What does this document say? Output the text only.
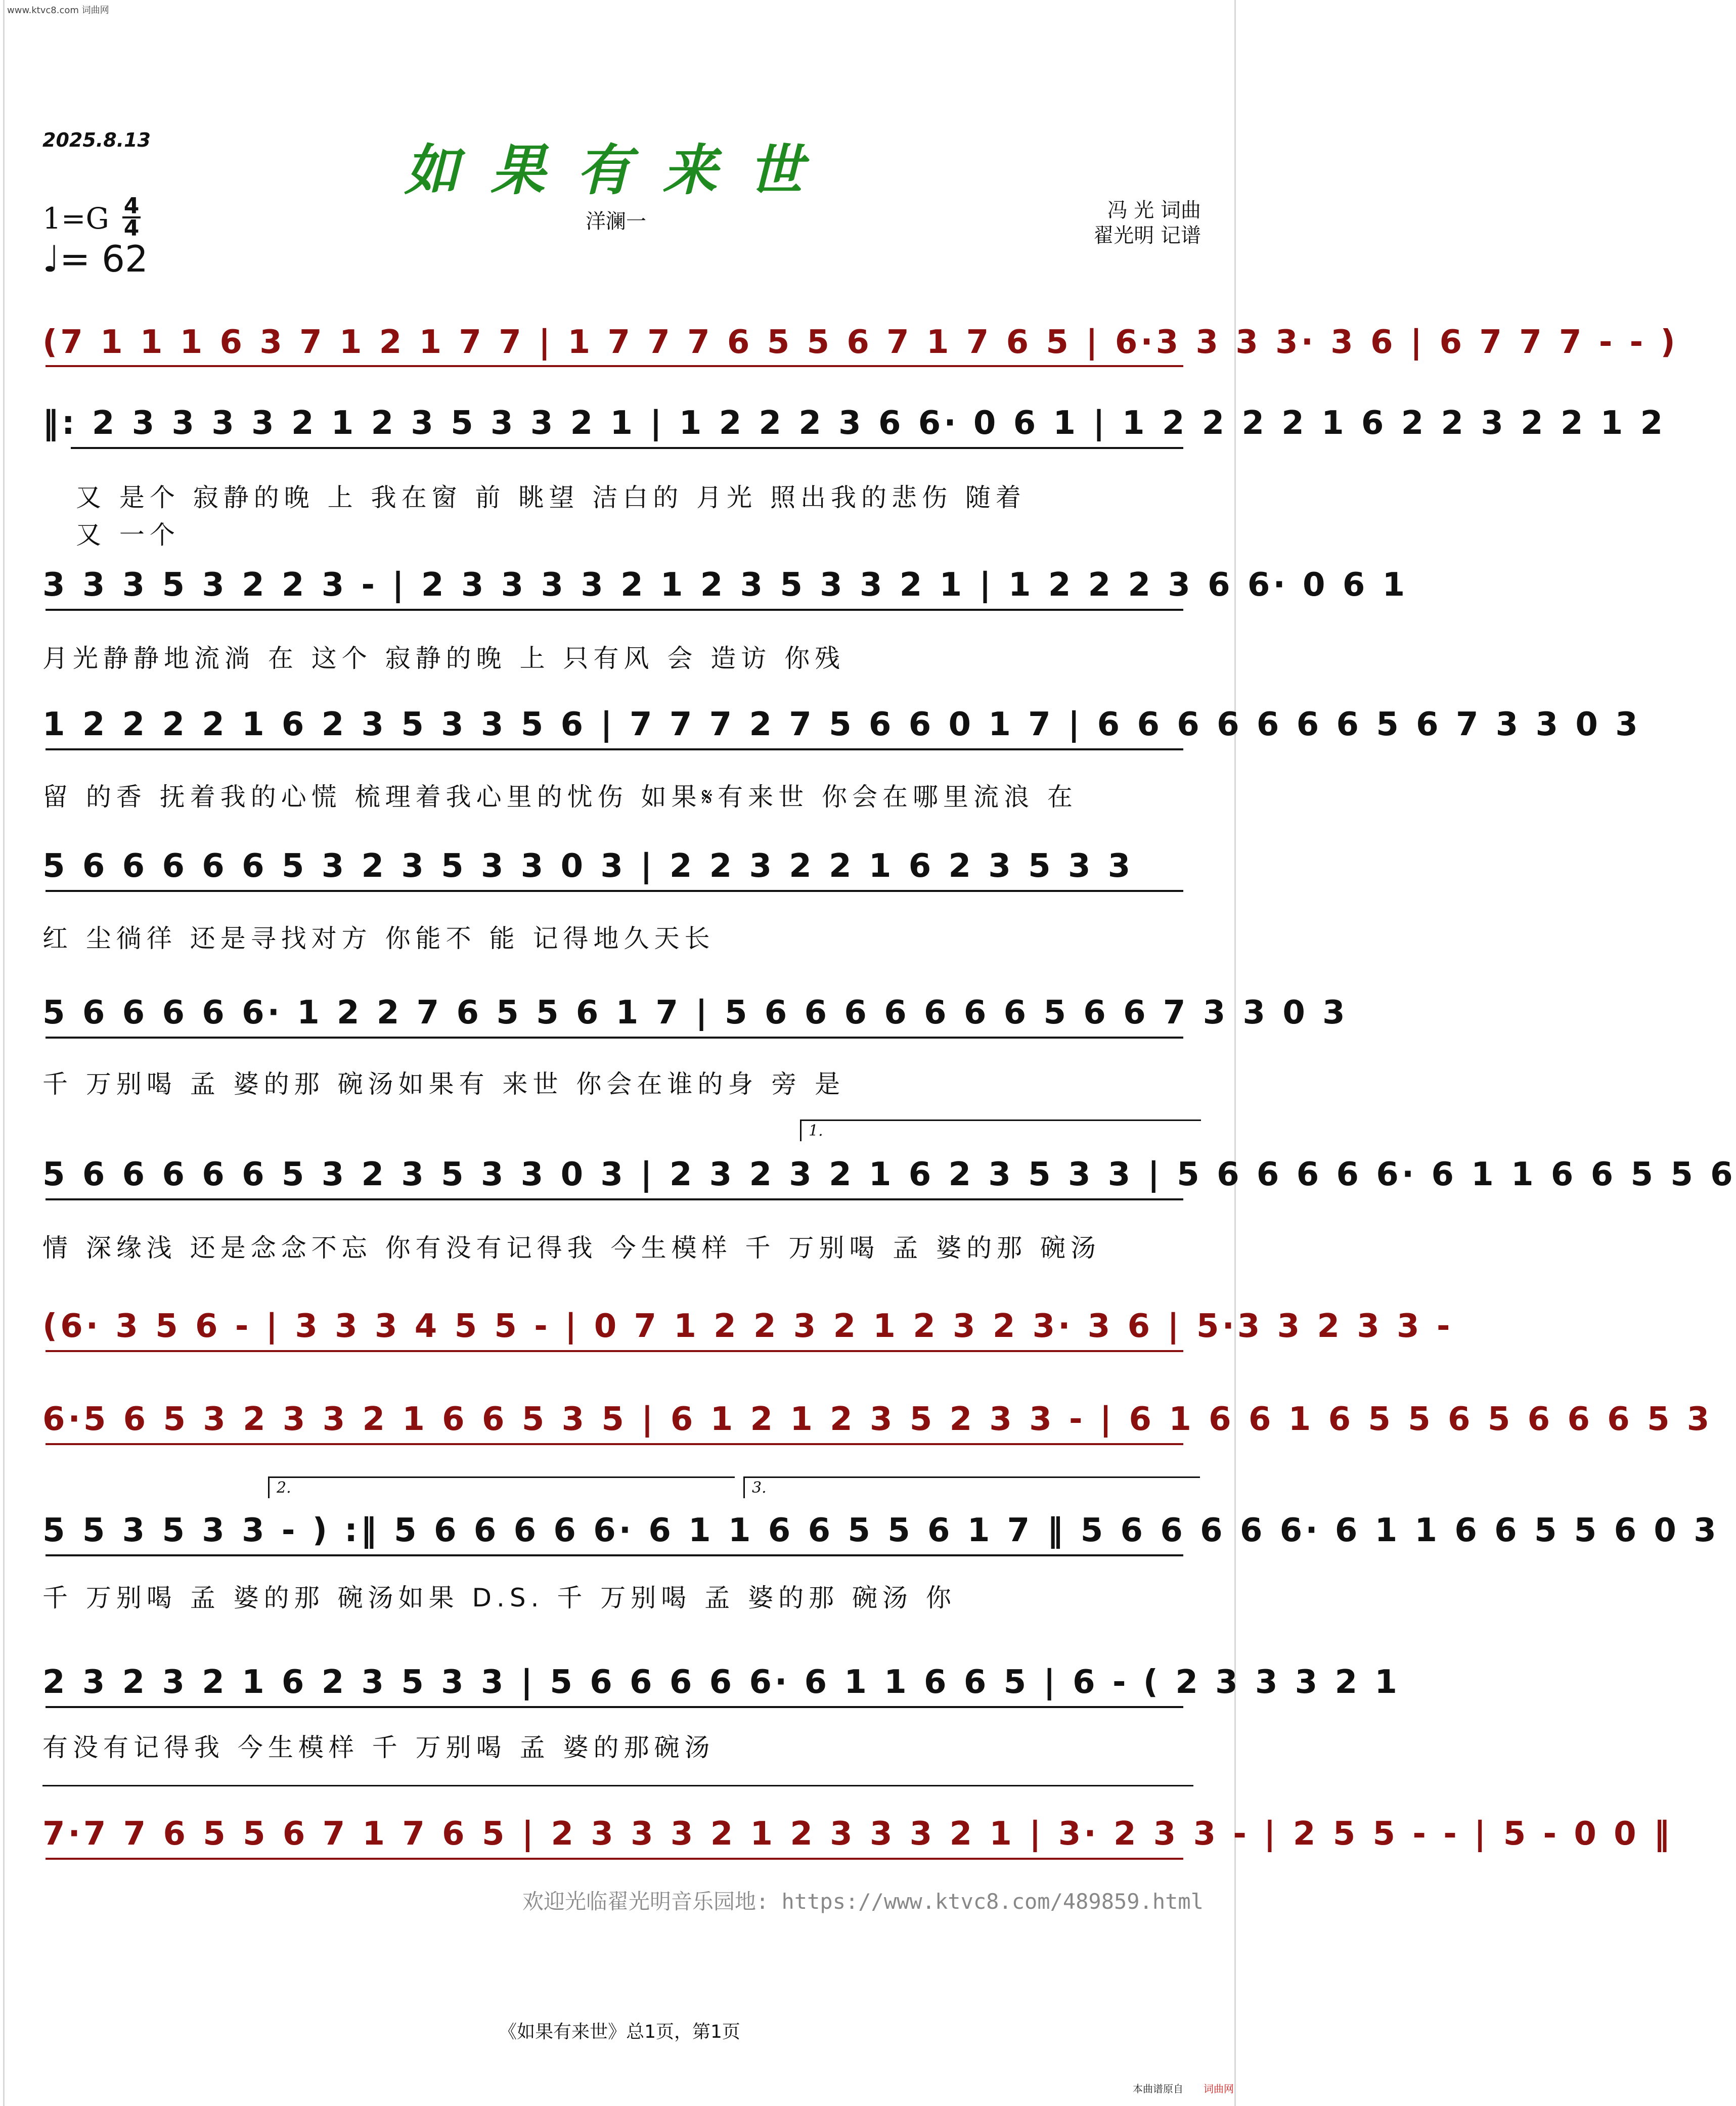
www.ktvc8.com 词曲网
2025.8.13	如果有来世
1=G 4
4
♩= 62
洋澜一	冯 光 词曲
翟光明 记谱
(7 1 1 1 6 3 7 1 2 1 7 7 | 1 7 7 7 6 5 5 6 7 1 7 6 5 | 6·3 3 3 3· 3 6 | 6 7 7 7 - - )
‖: 2 3 3 3 3 2 1 2 3 5 3 3 2 1 | 1 2 2 2 3 6 6· 0 6 1 | 1 2 2 2 2 1 6 2 2 3 2 2 1 2
又 是个 寂静的晚 上 我在窗 前 眺望 洁白的 月光 照出我的悲伤 随着
又 一个
3 3 3 5 3 2 2 3 - | 2 3 3 3 3 2 1 2 3 5 3 3 2 1 | 1 2 2 2 3 6 6· 0 6 1
月光静静地流淌 在 这个 寂静的晚 上 只有风 会 造访 你残
1 2 2 2 2 1 6 2 3 5 3 3 5 6 | 7 7 7 2 7 5 6 6 0 1 7 | 6 6 6 6 6 6 6 5 6 7 3 3 0 3
留 的香 抚着我的心慌 梳理着我心里的忧伤 如果𝄋有来世 你会在哪里流浪 在
5 6 6 6 6 6 5 3 2 3 5 3 3 0 3 | 2 2 3 2 2 1 6 2 3 5 3 3
红 尘徜徉 还是寻找对方 你能不 能 记得地久天长
5 6 6 6 6 6· 1 2 2 7 6 5 5 6 1 7 | 5 6 6 6 6 6 6 6 5 6 6 7 3 3 0 3
千 万别喝 孟 婆的那 碗汤如果有 来世 你会在谁的身 旁 是
1.
5 6 6 6 6 6 5 3 2 3 5 3 3 0 3 | 2 3 2 3 2 1 6 2 3 5 3 3 | 5 6 6 6 6 6· 6 1 1 6 6 5 5 6
情 深缘浅 还是念念不忘 你有没有记得我 今生模样 千 万别喝 孟 婆的那 碗汤
(6· 3 5 6 - | 3 3 3 4 5 5 - | 0 7 1 2 2 3 2 1 2 3 2 3· 3 6 | 5·3 3 2 3 3 -
6·5 6 5 3 2 3 3 2 1 6 6 5 3 5 | 6 1 2 1 2 3 5 2 3 3 - | 6 1 6 6 1 6 5 5 6 5 6 6 6 5 3
2.	3.
5 5 3 5 3 3 - ) :‖ 5 6 6 6 6 6· 6 1 1 6 6 5 5 6 1 7 ‖ 5 6 6 6 6 6· 6 1 1 6 6 5 5 6 0 3
千 万别喝 孟 婆的那 碗汤如果 D.S. 千 万别喝 孟 婆的那 碗汤 你
2 3 2 3 2 1 6 2 3 5 3 3 | 5 6 6 6 6 6· 6 1 1 6 6 5 | 6 - ( 2 3 3 3 2 1
有没有记得我 今生模样 千 万别喝 孟 婆的那碗汤
7·7 7 6 5 5 6 7 1 7 6 5 | 2 3 3 3 2 1 2 3 3 3 2 1 | 3· 2 3 3 - | 2 5 5 - - | 5 - 0 0 ‖
欢迎光临翟光明音乐园地: https://www.ktvc8.com/489859.html
《如果有来世》总1页，第1页
本曲谱原自 词曲网
